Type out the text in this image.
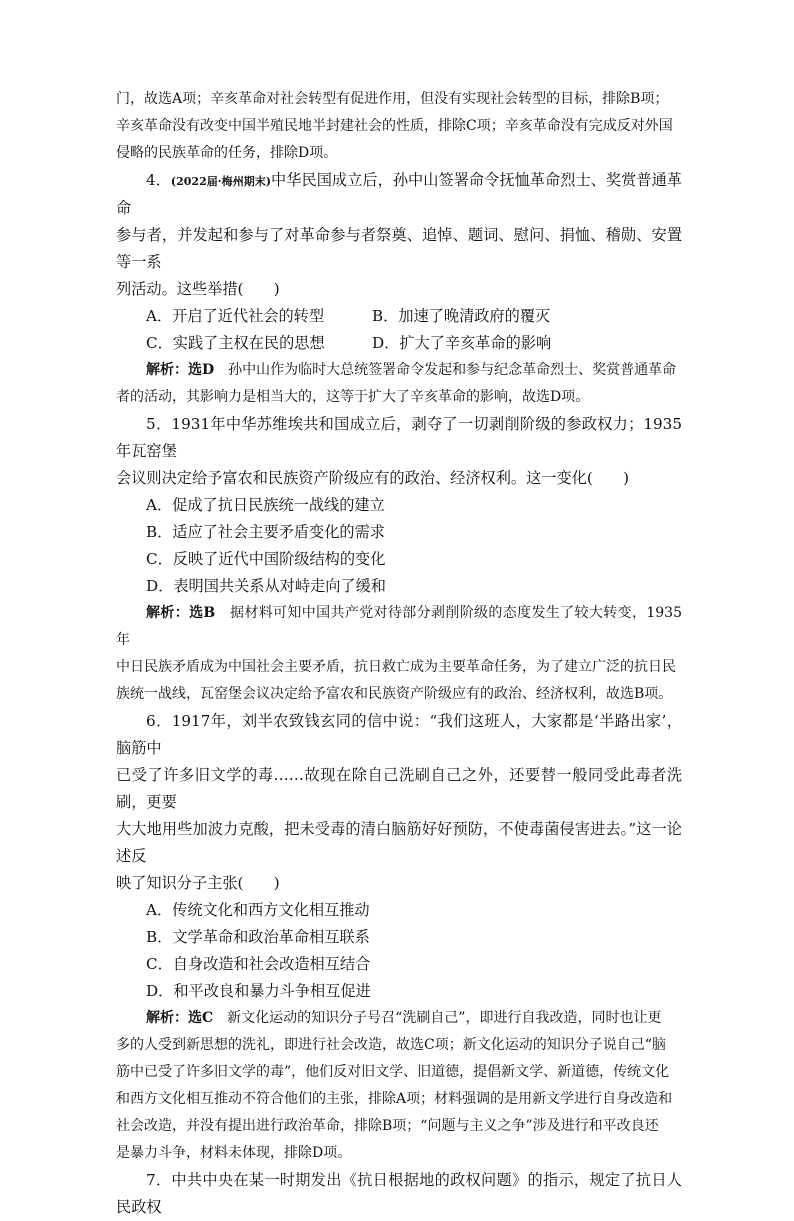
门，故选A项；辛亥革命对社会转型有促进作用，但没有实现社会转型的目标，排除B项；

辛亥革命没有改变中国半殖民地半封建社会的性质，排除C项；辛亥革命没有完成反对外国

侵略的民族革命的任务，排除D项。

4．(2022届·梅州期末)中华民国成立后，孙中山签署命令抚恤革命烈士、奖赏普通革命

参与者，并发起和参与了对革命参与者祭奠、追悼、题词、慰问、捐恤、稽勋、安置等一系

列活动。这些举措(　　)

A．开启了近代社会的转型	B．加速了晚清政府的覆灭

C．实践了主权在民的思想	D．扩大了辛亥革命的影响

解析：选D　孙中山作为临时大总统签署命令发起和参与纪念革命烈士、奖赏普通革命

者的活动，其影响力是相当大的，这等于扩大了辛亥革命的影响，故选D项。

5．1931年中华苏维埃共和国成立后，剥夺了一切剥削阶级的参政权力；1935年瓦窑堡

会议则决定给予富农和民族资产阶级应有的政治、经济权利。这一变化(　　)

A．促成了抗日民族统一战线的建立

B．适应了社会主要矛盾变化的需求

C．反映了近代中国阶级结构的变化

D．表明国共关系从对峙走向了缓和

解析：选B　据材料可知中国共产党对待部分剥削阶级的态度发生了较大转变，1935年

中日民族矛盾成为中国社会主要矛盾，抗日救亡成为主要革命任务，为了建立广泛的抗日民

族统一战线，瓦窑堡会议决定给予富农和民族资产阶级应有的政治、经济权利，故选B项。

6．1917年，刘半农致钱玄同的信中说：“我们这班人，大家都是‘半路出家’，脑筋中

已受了许多旧文学的毒……故现在除自己洗刷自己之外，还要替一般同受此毒者洗刷，更要

大大地用些加波力克酸，把未受毒的清白脑筋好好预防，不使毒菌侵害进去。”这一论述反

映了知识分子主张(　　)

A．传统文化和西方文化相互推动

B．文学革命和政治革命相互联系

C．自身改造和社会改造相互结合

D．和平改良和暴力斗争相互促进

解析：选C　新文化运动的知识分子号召“洗刷自己”，即进行自我改造，同时也让更

多的人受到新思想的洗礼，即进行社会改造，故选C项；新文化运动的知识分子说自己“脑

筋中已受了许多旧文学的毒”，他们反对旧文学、旧道德，提倡新文学、新道德，传统文化

和西方文化相互推动不符合他们的主张，排除A项；材料强调的是用新文学进行自身改造和

社会改造，并没有提出进行政治革命，排除B项；“问题与主义之争”涉及进行和平改良还

是暴力斗争，材料未体现，排除D项。

7．中共中央在某一时期发出《抗日根据地的政权问题》的指示，规定了抗日人民政权
